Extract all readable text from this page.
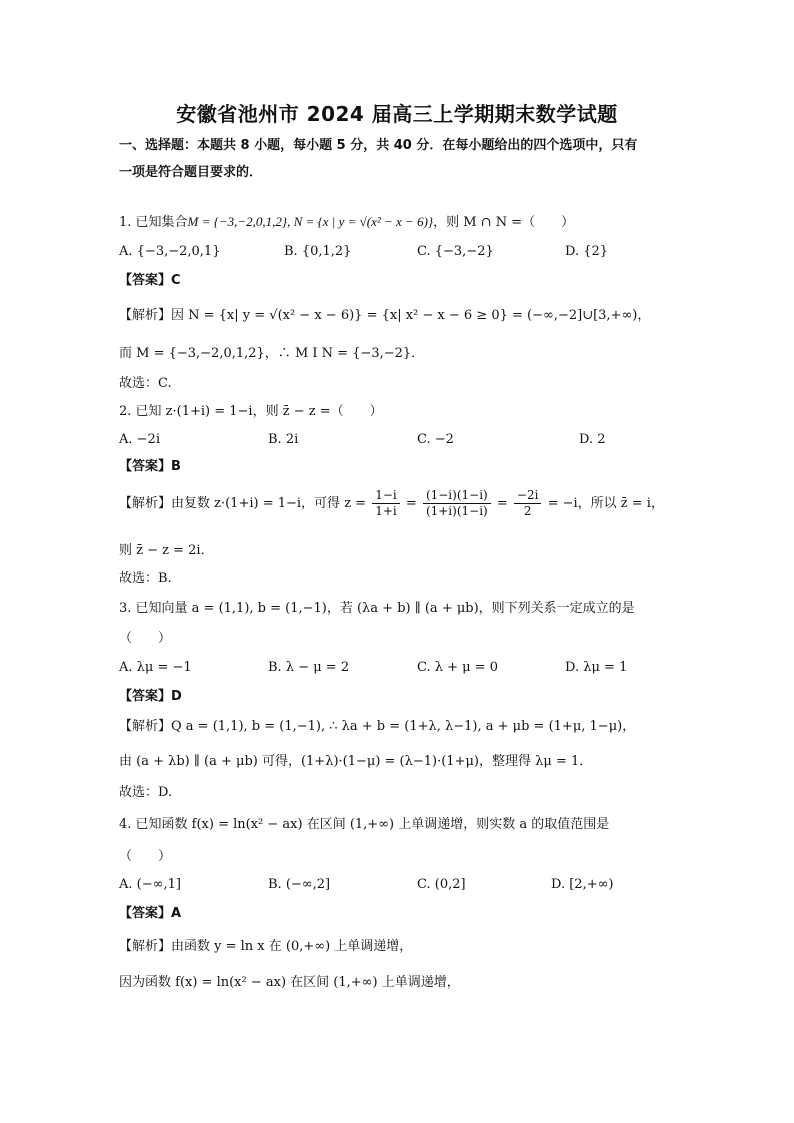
安徽省池州市 2024 届高三上学期期末数学试题
一、选择题：本题共 8 小题，每小题 5 分，共 40 分．在每小题给出的四个选项中，只有
一项是符合题目要求的．
1. 已知集合M = {−3,−2,0,1,2}, N = {x | y = √(x² − x − 6)}，则 M ∩ N =（　　）
A. {−3,−2,0,1}	B. {0,1,2}	C. {−3,−2}	D. {2}
【答案】C
【解析】因 N = {x| y = √(x² − x − 6)} = {x| x² − x − 6 ≥ 0} = (−∞,−2]∪[3,+∞)，
而 M = {−3,−2,0,1,2}，∴ M I N = {−3,−2}．
故选：C.
2. 已知 z·(1+i) = 1−i，则 z̄ − z =（　　）
A. −2i	B. 2i	C. −2	D. 2
【答案】B
【解析】由复数 z·(1+i) = 1−i，可得 $z = \frac{1-i}{1+i} = \frac{(1-i)(1-i)}{(1+i)(1-i)} = \frac{-2i}{2} = -i$，所以 z̄ = i，
则 z̄ − z = 2i．
故选：B.
3. 已知向量 a = (1,1), b = (1,−1)，若 (λa + b) ∥ (a + μb)，则下列关系一定成立的是
（　　）
A. λμ = −1	B. λ − μ = 2	C. λ + μ = 0	D. λμ = 1
【答案】D
【解析】Q a = (1,1), b = (1,−1), ∴ λa + b = (1+λ, λ−1), a + μb = (1+μ, 1−μ)，
由 (a + λb) ∥ (a + μb) 可得，(1+λ)·(1−μ) = (λ−1)·(1+μ)，整理得 λμ = 1．
故选：D.
4. 已知函数 f(x) = ln(x² − ax) 在区间 (1,+∞) 上单调递增，则实数 a 的取值范围是
（　　）
A. (−∞,1]	B. (−∞,2]	C. (0,2]	D. [2,+∞)
【答案】A
【解析】由函数 y = ln x 在 (0,+∞) 上单调递增，
因为函数 f(x) = ln(x² − ax) 在区间 (1,+∞) 上单调递增，
